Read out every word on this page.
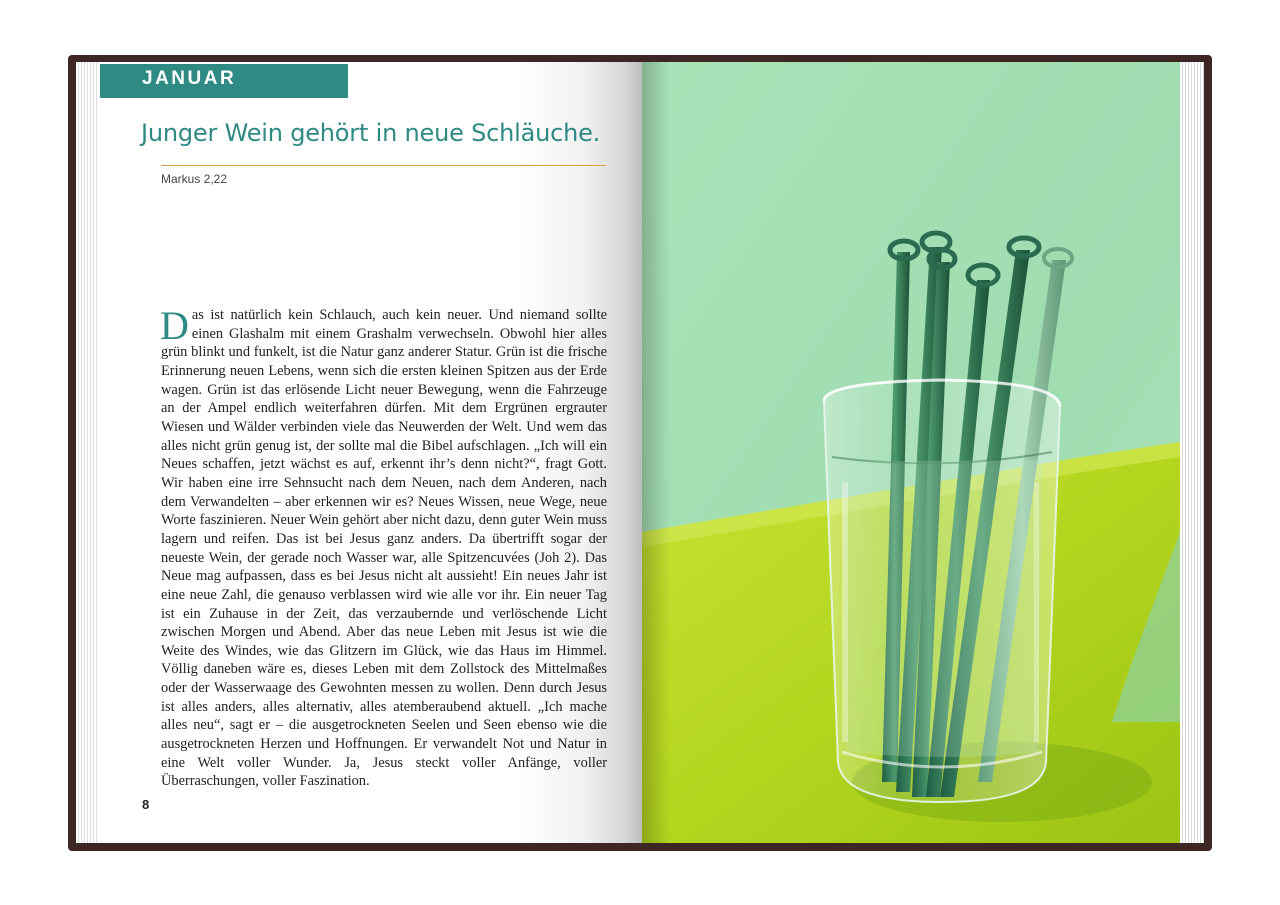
JANUAR
Junger Wein gehört in neue Schläuche.
Markus 2,22

Das ist natürlich kein Schlauch, auch kein neuer. Und niemand sollte einen Glashalm mit einem Grashalm verwechseln. Obwohl hier alles grün blinkt und funkelt, ist die Natur ganz anderer Statur. Grün ist die frische Erinnerung neuen Lebens, wenn sich die ersten kleinen Spitzen aus der Erde wagen. Grün ist das erlösende Licht neuer Bewegung, wenn die Fahrzeuge an der Ampel endlich weiterfahren dürfen. Mit dem Ergrünen ergrauter Wiesen und Wälder verbinden viele das Neuwerden der Welt. Und wem das alles nicht grün genug ist, der sollte mal die Bibel aufschlagen. „Ich will ein Neues schaffen, jetzt wächst es auf, erkennt ihr’s denn nicht?“, fragt Gott. Wir haben eine irre Sehnsucht nach dem Neuen, nach dem Anderen, nach dem Verwandelten – aber erkennen wir es? Neues Wissen, neue Wege, neue Worte faszinieren. Neuer Wein gehört aber nicht dazu, denn guter Wein muss lagern und reifen. Das ist bei Jesus ganz anders. Da übertrifft sogar der neueste Wein, der gerade noch Wasser war, alle Spitzencuvées (Joh 2). Das Neue mag aufpassen, dass es bei Jesus nicht alt aussieht! Ein neues Jahr ist eine neue Zahl, die genauso verblassen wird wie alle vor ihr. Ein neuer Tag ist ein Zuhause in der Zeit, das verzaubernde und verlöschende Licht zwischen Morgen und Abend. Aber das neue Leben mit Jesus ist wie die Weite des Windes, wie das Glitzern im Glück, wie das Haus im Himmel. Völlig daneben wäre es, dieses Leben mit dem Zollstock des Mittelmaßes oder der Wasserwaage des Gewohnten messen zu wollen. Denn durch Jesus ist alles anders, alles alternativ, alles atemberaubend aktuell. „Ich mache alles neu“, sagt er – die ausgetrockneten Seelen und Seen ebenso wie die ausgetrockneten Herzen und Hoffnungen. Er verwandelt Not und Natur in eine Welt voller Wunder. Ja, Jesus steckt voller Anfänge, voller Überraschungen, voller Faszination.

8
